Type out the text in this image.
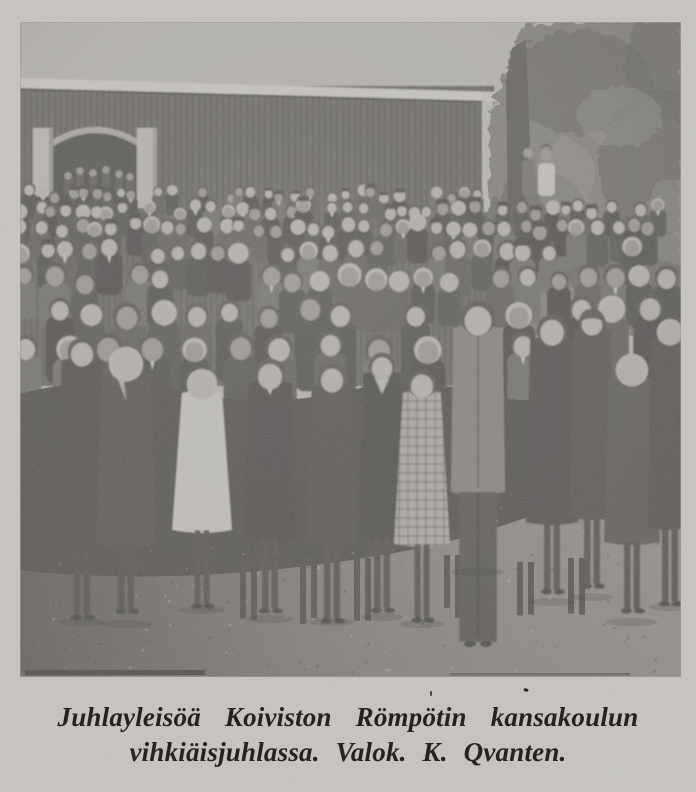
Juhlayleisöä Koiviston Römpötin kansakoulun
vihkiäisjuhlassa. Valok. K. Qvanten.
